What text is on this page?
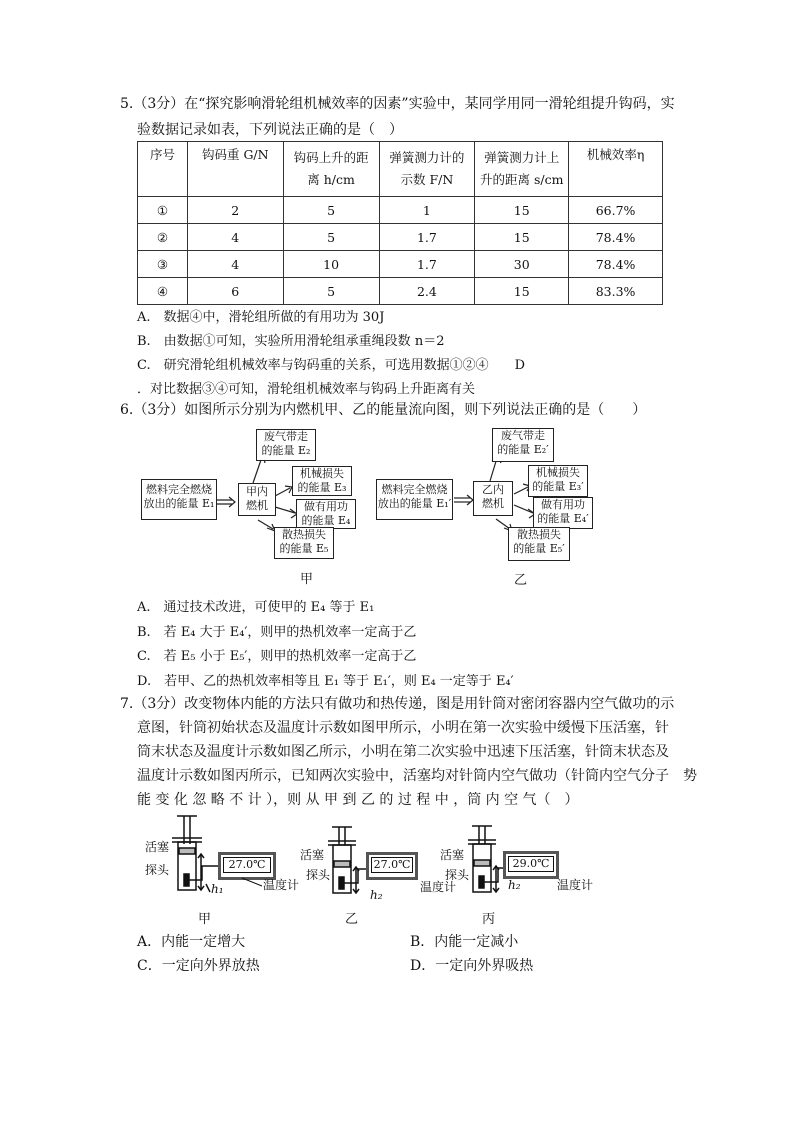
5.（3分）在“探究影响滑轮组机械效率的因素”实验中，某同学用同一滑轮组提升钩码，实
验数据记录如表，下列说法正确的是（　）
序号	钩码重 G/N	钩码上升的距离 h/cm	弹簧测力计的示数 F/N	弹簧测力计上升的距离 s/cm	机械效率η
①	2	5	1	15	66.7%
②	4	5	1.7	15	78.4%
③	4	10	1.7	30	78.4%
④	6	5	2.4	15	83.3%
A.　数据④中，滑轮组所做的有用功为 30J
B.　由数据①可知，实验所用滑轮组承重绳段数 n＝2
C.　研究滑轮组机械效率与钩码重的关系，可选用数据①②④　　D
．对比数据③④可知，滑轮组机械效率与钩码上升距离有关
6.（3分）如图所示分别为内燃机甲、乙的能量流向图，则下列说法正确的是（　　）
燃料完全燃烧
放出的能量 E₁
甲内
燃机
废气带走
的能量 E₂
机械损失
的能量 E₃
做有用功
的能量 E₄
散热损失
的能量 E₅
甲
燃料完全燃烧
放出的能量 E₁′
乙内
燃机
废气带走
的能量 E₂′
机械损失
的能量 E₃′
做有用功
的能量 E₄′
散热损失
的能量 E₅′
乙
A.　通过技术改进，可使甲的 E₄ 等于 E₁
B.　若 E₄ 大于 E₄′，则甲的热机效率一定高于乙
C.　若 E₅ 小于 E₅′，则甲的热机效率一定高于乙
D.　若甲、乙的热机效率相等且 E₁ 等于 E₁′，则 E₄ 一定等于 E₄′
7.（3分）改变物体内能的方法只有做功和热传递，图是用针筒对密闭容器内空气做功的示
意图，针筒初始状态及温度计示数如图甲所示，小明在第一次实验中缓慢下压活塞，针
筒末状态及温度计示数如图乙所示，小明在第二次实验中迅速下压活塞，针筒末状态及
温度计示数如图丙所示，已知两次实验中，活塞均对针筒内空气做功（针筒内空气分子　势
能 变 化 忽 略 不 计 ），则 从 甲 到 乙 的 过 程 中 ，筒 内 空 气（　）
27.0℃
活塞
探头
温度计
h₁
甲
27.0℃
活塞
探头
温度计
h₂
乙
29.0℃
活塞
探头
温度计
h₂
丙
A．内能一定增大	B．内能一定减小
C．一定向外界放热	D．一定向外界吸热
